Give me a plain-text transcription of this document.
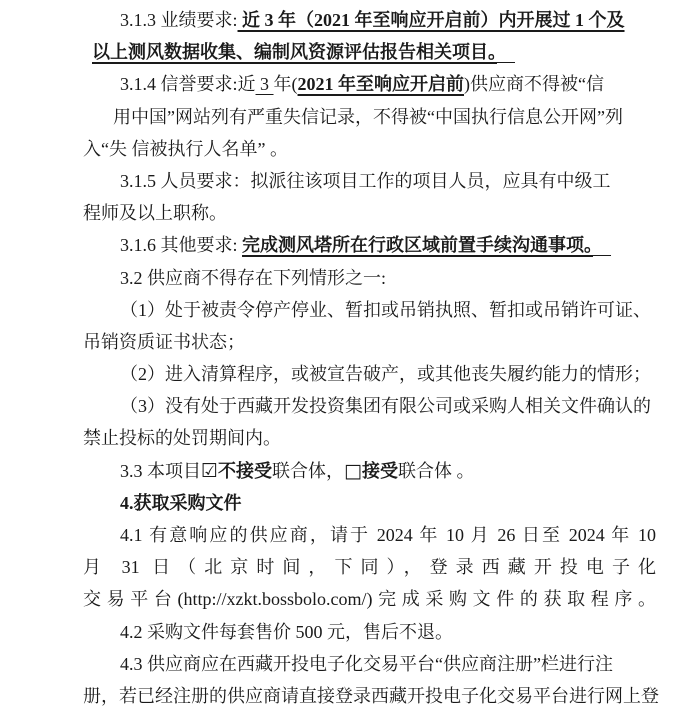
3.1.3 业绩要求: 近 3 年（2021 年至响应开启前）内开展过 1 个及
以上测风数据收集、编制风资源评估报告相关项目。　
3.1.4 信誉要求:近 3 年(2021 年至响应开启前)供应商不得被“信
用中国”网站列有严重失信记录，不得被“中国执行信息公开网”列
入“失 信被执行人名单” 。
3.1.5 人员要求：拟派往该项目工作的项目人员，应具有中级工
程师及以上职称。
3.1.6 其他要求: 完成测风塔所在行政区域前置手续沟通事项。　
3.2 供应商不得存在下列情形之一:
（1）处于被责令停产停业、暂扣或吊销执照、暂扣或吊销许可证、
吊销资质证书状态；
（2）进入清算程序，或被宣告破产，或其他丧失履约能力的情形；
（3）没有处于西藏开发投资集团有限公司或采购人相关文件确认的
禁止投标的处罚期间内。
3.3 本项目☑不接受联合体，□接受联合体 。
4.获取采购文件
4.1 有意响应的供应商，请于 2024 年 10 月 26 日至 2024 年 10
月 31 日（北京时间，下同），登录西藏开投电子化
交易平台(http://xzkt.bossbolo.com/)完成采购文件的获取程序。
4.2 采购文件每套售价 500 元，售后不退。
4.3 供应商应在西藏开投电子化交易平台“供应商注册”栏进行注
册，若已经注册的供应商请直接登录西藏开投电子化交易平台进行网上登
